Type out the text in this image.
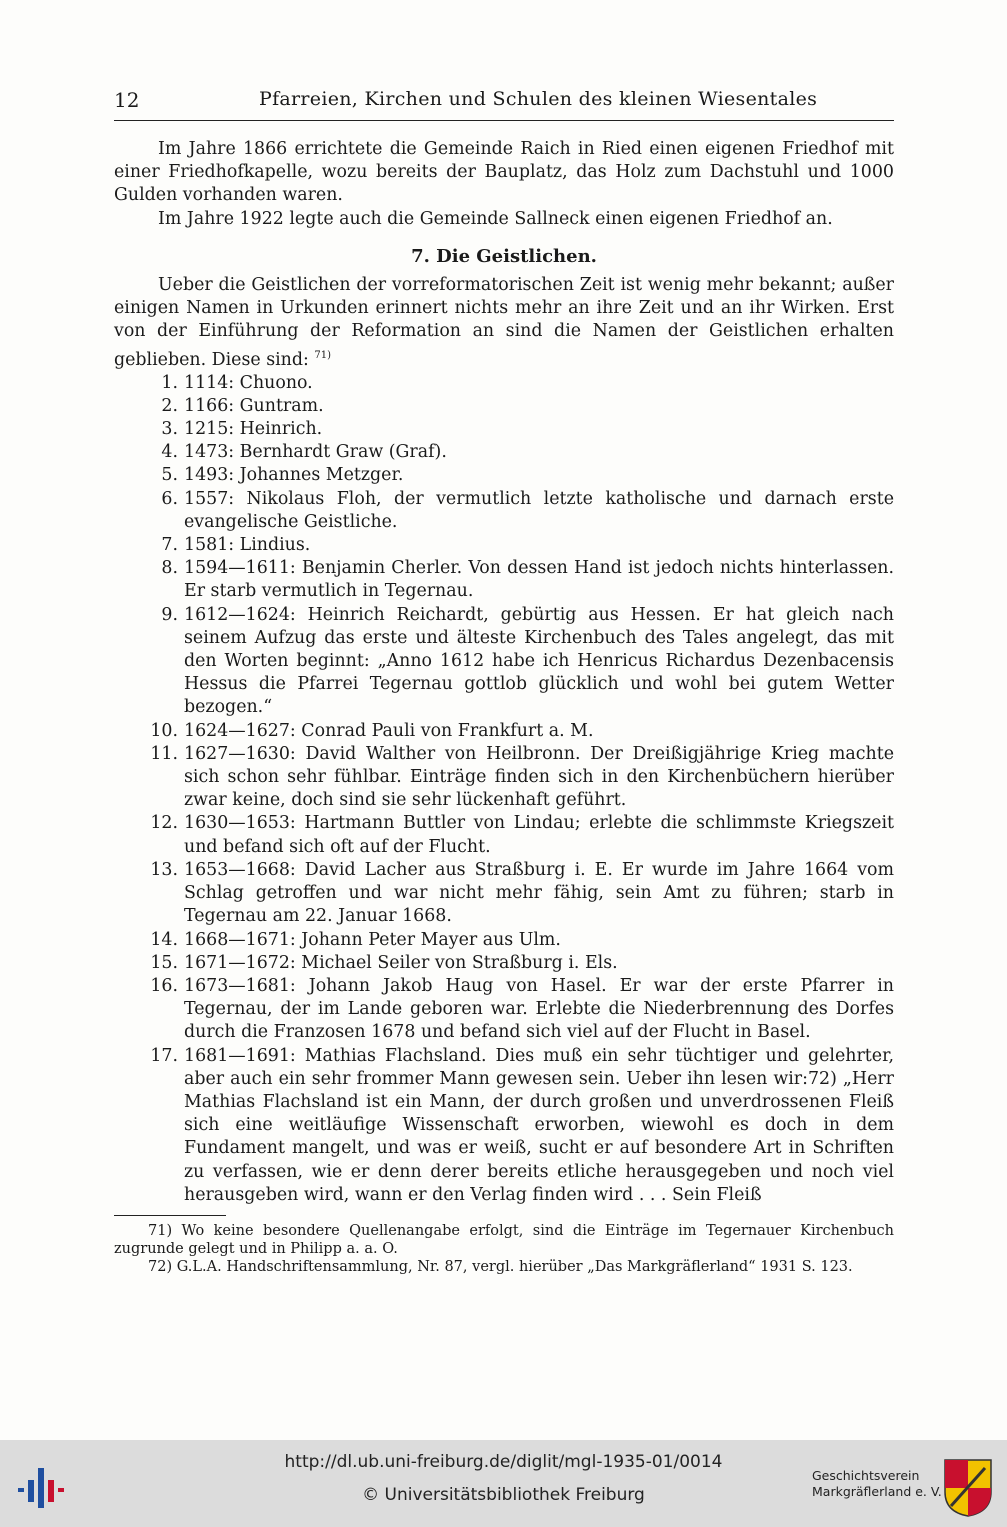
12	Pfarreien, Kirchen und Schulen des kleinen Wiesentales

Im Jahre 1866 errichtete die Gemeinde Raich in Ried einen eigenen Friedhof mit einer Friedhofkapelle, wozu bereits der Bauplatz, das Holz zum Dachstuhl und 1000 Gulden vorhanden waren.

Im Jahre 1922 legte auch die Gemeinde Sallneck einen eigenen Friedhof an.

7. Die Geistlichen.

Ueber die Geistlichen der vorreformatorischen Zeit ist wenig mehr bekannt; außer einigen Namen in Urkunden erinnert nichts mehr an ihre Zeit und an ihr Wirken. Erst von der Einführung der Reformation an sind die Namen der Geistlichen erhalten geblieben. Diese sind: $^{71)}$

1. 1114: Chuono.
2. 1166: Guntram.
3. 1215: Heinrich.
4. 1473: Bernhardt Graw (Graf).
5. 1493: Johannes Metzger.
6. 1557: Nikolaus Floh, der vermutlich letzte katholische und darnach erste evangelische Geistliche.
7. 1581: Lindius.
8. 1594—1611: Benjamin Cherler. Von dessen Hand ist jedoch nichts hinterlassen. Er starb vermutlich in Tegernau.
9. 1612—1624: Heinrich Reichardt, gebürtig aus Hessen. Er hat gleich nach seinem Aufzug das erste und älteste Kirchenbuch des Tales angelegt, das mit den Worten beginnt: „Anno 1612 habe ich Henricus Richardus Dezenbacensis Hessus die Pfarrei Tegernau gottlob glücklich und wohl bei gutem Wetter bezogen.“
10. 1624—1627: Conrad Pauli von Frankfurt a. M.
11. 1627—1630: David Walther von Heilbronn. Der Dreißigjährige Krieg machte sich schon sehr fühlbar. Einträge finden sich in den Kirchenbüchern hierüber zwar keine, doch sind sie sehr lückenhaft geführt.
12. 1630—1653: Hartmann Buttler von Lindau; erlebte die schlimmste Kriegszeit und befand sich oft auf der Flucht.
13. 1653—1668: David Lacher aus Straßburg i. E. Er wurde im Jahre 1664 vom Schlag getroffen und war nicht mehr fähig, sein Amt zu führen; starb in Tegernau am 22. Januar 1668.
14. 1668—1671: Johann Peter Mayer aus Ulm.
15. 1671—1672: Michael Seiler von Straßburg i. Els.
16. 1673—1681: Johann Jakob Haug von Hasel. Er war der erste Pfarrer in Tegernau, der im Lande geboren war. Erlebte die Niederbrennung des Dorfes durch die Franzosen 1678 und befand sich viel auf der Flucht in Basel.
17. 1681—1691: Mathias Flachsland. Dies muß ein sehr tüchtiger und gelehrter, aber auch ein sehr frommer Mann gewesen sein. Ueber ihn lesen wir:72) „Herr Mathias Flachsland ist ein Mann, der durch großen und unverdrossenen Fleiß sich eine weitläufige Wissenschaft erworben, wiewohl es doch in dem Fundament mangelt, und was er weiß, sucht er auf besondere Art in Schriften zu verfassen, wie er denn derer bereits etliche herausgegeben und noch viel herausgeben wird, wann er den Verlag finden wird . . . Sein Fleiß

71) Wo keine besondere Quellenangabe erfolgt, sind die Einträge im Tegernauer Kirchenbuch zugrunde gelegt und in Philipp a. a. O.

72) G.L.A. Handschriftensammlung, Nr. 87, vergl. hierüber „Das Markgräflerland“ 1931 S. 123.

http://dl.ub.uni-freiburg.de/diglit/mgl-1935-01/0014
© Universitätsbibliothek Freiburg
Geschichtsverein
Markgräflerland e. V.
